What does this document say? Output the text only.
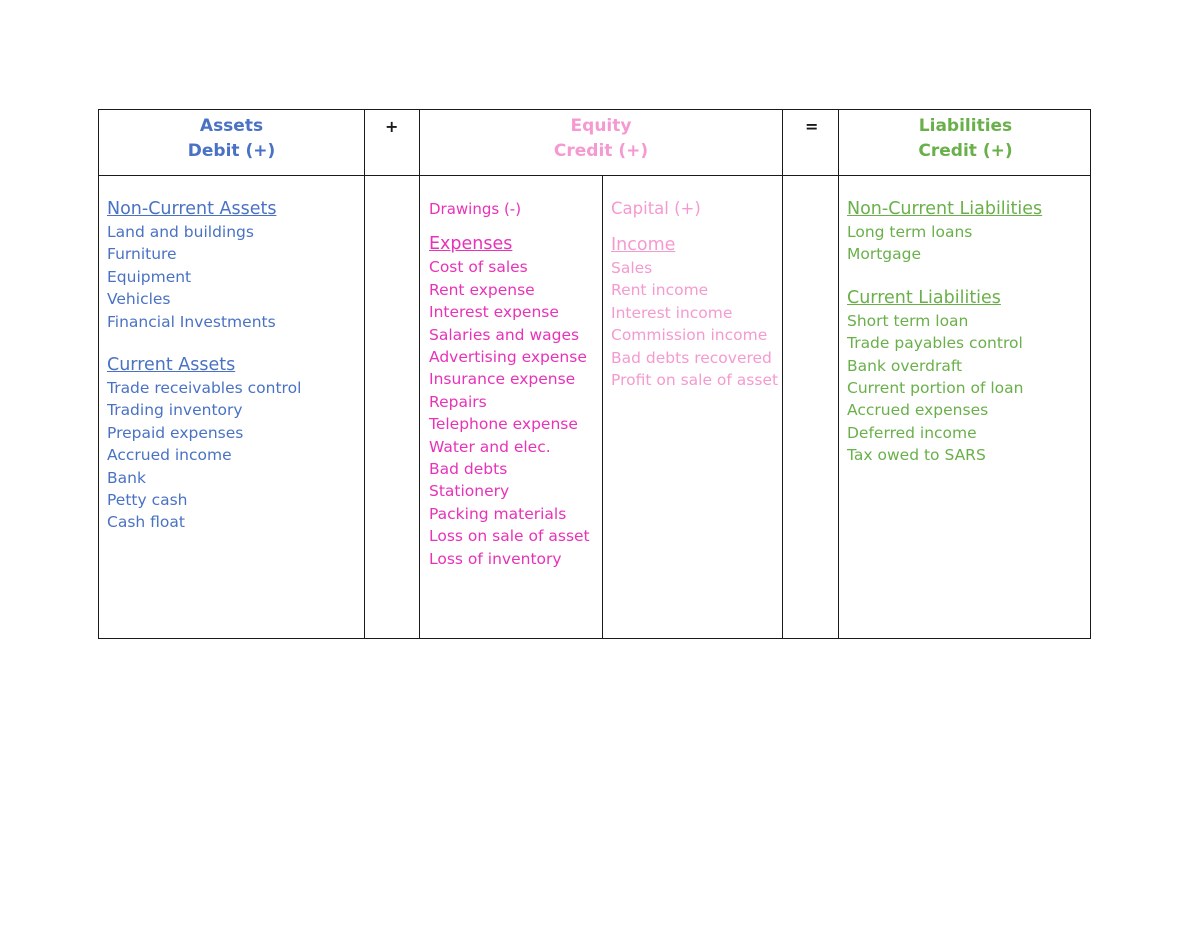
Assets
Debit (+)
+	Equity
Credit (+)
=	Liabilities
Credit (+)
Non-Current Assets
Land and buildings
Furniture
Equipment
Vehicles
Financial Investments
Current Assets
Trade receivables control
Trading inventory
Prepaid expenses
Accrued income
Bank
Petty cash
Cash float
Drawings (-)
Expenses
Cost of sales
Rent expense
Interest expense
Salaries and wages
Advertising expense
Insurance expense
Repairs
Telephone expense
Water and elec.
Bad debts
Stationery
Packing materials
Loss on sale of asset
Loss of inventory
Capital (+)
Income
Sales
Rent income
Interest income
Commission income
Bad debts recovered
Profit on sale of asset
Non-Current Liabilities
Long term loans
Mortgage
Current Liabilities
Short term loan
Trade payables control
Bank overdraft
Current portion of loan
Accrued expenses
Deferred income
Tax owed to SARS
